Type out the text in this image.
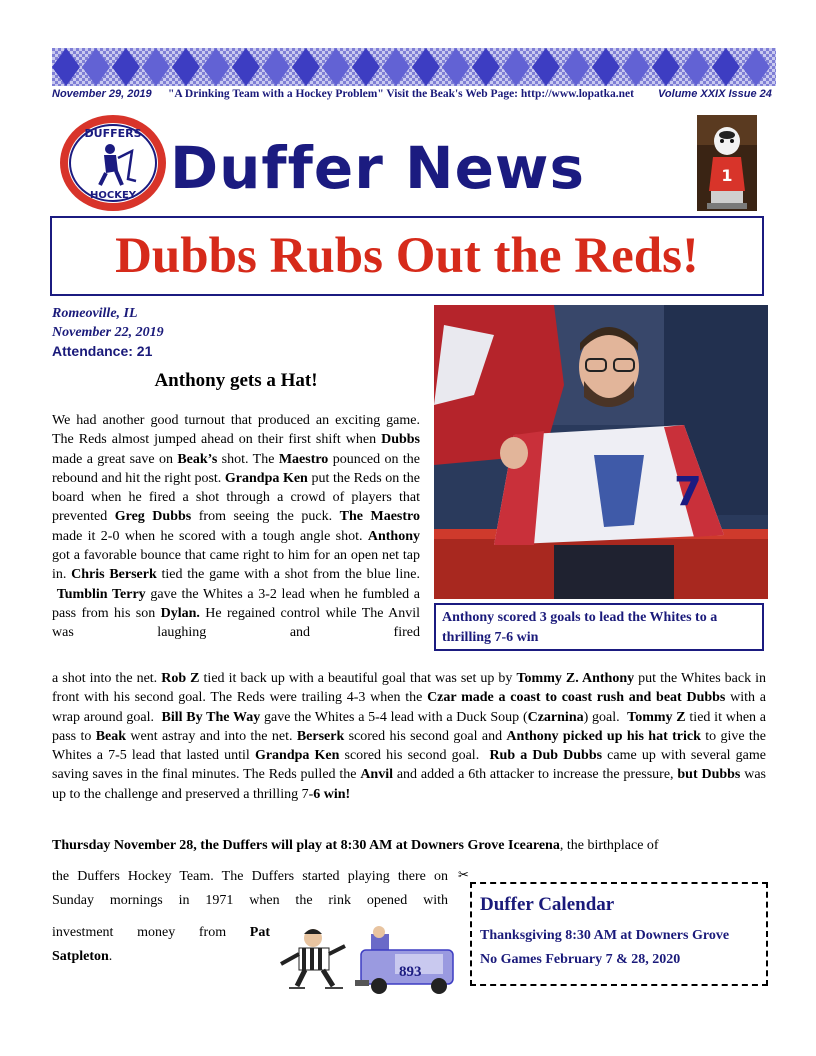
November 29, 2019 "A Drinking Team with a Hockey Problem" Visit the Beak's Web Page: http://www.lopatka.net Volume XXIX Issue 24
DUFFERS
HOCKEY Duffer News	1
Dubbs Rubs Out the Reds!
Romeoville, IL
November 22, 2019
Attendance: 21
Anthony gets a Hat!
We had another good turnout that produced an exciting game. The Reds almost jumped ahead on their first shift when Dubbs made a great save on Beak’s shot. The Maestro pounced on the rebound and hit the right post. Grandpa Ken put the Reds on the board when he fired a shot through a crowd of players that prevented Greg Dubbs from seeing the puck. The Maestro made it 2-0 when he scored with a tough angle shot. Anthony got a favorable bounce that came right to him for an open net tap in. Chris Berserk tied the game with a shot from the blue line.  Tumblin Terry gave the Whites a 3-2 lead when he fumbled a pass from his son Dylan. He regained control while The Anvil was laughing and fired
7
Anthony scored 3 goals to lead the Whites to a thrilling 7-6 win
a shot into the net. Rob Z tied it back up with a beautiful goal that was set up by Tommy Z. Anthony put the Whites back in front with his second goal. The Reds were trailing 4-3 when the Czar made a coast to coast rush and beat Dubbs with a wrap around goal.  Bill By The Way gave the Whites a 5-4 lead with a Duck Soup (Czarnina) goal.  Tommy Z tied it when a pass to Beak went astray and into the net. Berserk scored his second goal and Anthony picked up his hat trick to give the Whites a 7-5 lead that lasted until Grandpa Ken scored his second goal.  Rub a Dub Dubbs came up with several game saving saves in the final minutes. The Reds pulled the Anvil and added a 6th attacker to increase the pressure, but Dubbs was up to the challenge and preserved a thrilling 7-6 win!
Thursday November 28, the Duffers will play at 8:30 AM at Downers Grove Icearena, the birthplace of
the Duffers Hockey Team. The Duffers started playing there on Sunday mornings in 1971 when the rink opened with investment money from Pat
Satpleton.
✂
Duffer Calendar
Thanksgiving 8:30 AM at Downers Grove
No Games February 7 & 28, 2020
893
